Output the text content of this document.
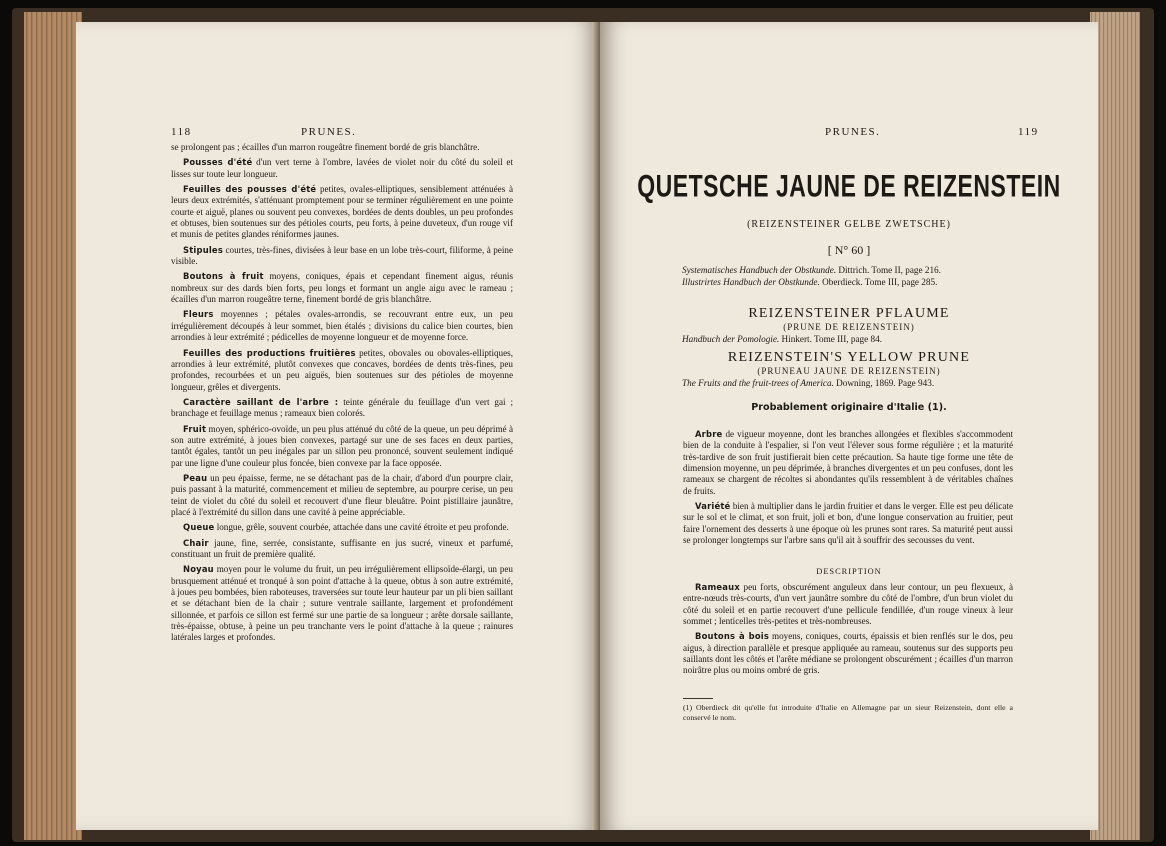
118	PRUNES.

se prolongent pas ; écailles d'un marron rougeâtre finement bordé de gris blanchâtre.

Pousses d'été d'un vert terne à l'ombre, lavées de violet noir du côté du soleil et lisses sur toute leur longueur.

Feuilles des pousses d'été petites, ovales-elliptiques, sensiblement atténuées à leurs deux extrémités, s'atténuant promptement pour se terminer régulièrement en une pointe courte et aiguë, planes ou souvent peu convexes, bordées de dents doubles, un peu profondes et obtuses, bien soutenues sur des pétioles courts, peu forts, à peine duveteux, d'un rouge vif et munis de petites glandes réniformes jaunes.

Stipules courtes, très-fines, divisées à leur base en un lobe très-court, filiforme, à peine visible.

Boutons à fruit moyens, coniques, épais et cependant finement aigus, réunis nombreux sur des dards bien forts, peu longs et formant un angle aigu avec le rameau ; écailles d'un marron rougeâtre terne, finement bordé de gris blanchâtre.

Fleurs moyennes ; pétales ovales-arrondis, se recouvrant entre eux, un peu irrégulièrement découpés à leur sommet, bien étalés ; divisions du calice bien courtes, bien arrondies à leur extrémité ; pédicelles de moyenne longueur et de moyenne force.

Feuilles des productions fruitières petites, obovales ou obovales-elliptiques, arrondies à leur extrémité, plutôt convexes que concaves, bordées de dents très-fines, peu profondes, recourbées et un peu aiguës, bien soutenues sur des pétioles de moyenne longueur, grêles et divergents.

Caractère saillant de l'arbre : teinte générale du feuillage d'un vert gai ; branchage et feuillage menus ; rameaux bien colorés.

Fruit moyen, sphérico-ovoïde, un peu plus atténué du côté de la queue, un peu déprimé à son autre extrémité, à joues bien convexes, partagé sur une de ses faces en deux parties, tantôt égales, tantôt un peu inégales par un sillon peu prononcé, souvent seulement indiqué par une ligne d'une couleur plus foncée, bien convexe par la face opposée.

Peau un peu épaisse, ferme, ne se détachant pas de la chair, d'abord d'un pourpre clair, puis passant à la maturité, commencement et milieu de septembre, au pourpre cerise, un peu teint de violet du côté du soleil et recouvert d'une fleur bleuâtre. Point pistillaire jaunâtre, placé à l'extrémité du sillon dans une cavité à peine appréciable.

Queue longue, grêle, souvent courbée, attachée dans une cavité étroite et peu profonde.

Chair jaune, fine, serrée, consistante, suffisante en jus sucré, vineux et parfumé, constituant un fruit de première qualité.

Noyau moyen pour le volume du fruit, un peu irrégulièrement ellipsoïde-élargi, un peu brusquement atténué et tronqué à son point d'attache à la queue, obtus à son autre extrémité, à joues peu bombées, bien raboteuses, traversées sur toute leur hauteur par un pli bien saillant et se détachant bien de la chair ; suture ventrale saillante, largement et profondément sillonnée, et parfois ce sillon est fermé sur une partie de sa longueur ; arête dorsale saillante, très-épaisse, obtuse, à peine un peu tranchante vers le point d'attache à la queue ; rainures latérales larges et profondes.

PRUNES.	119
QUETSCHE JAUNE DE REIZENSTEIN
(REIZENSTEINER GELBE ZWETSCHE)
[ N° 60 ]
Systematisches Handbuch der Obstkunde. Dittrich. Tome II, page 216.
Illustrirtes Handbuch der Obstkunde. Oberdieck. Tome III, page 285.
REIZENSTEINER PFLAUME
(PRUNE DE REIZENSTEIN)
Handbuch der Pomologie. Hinkert. Tome III, page 84.
REIZENSTEIN'S YELLOW PRUNE
(PRUNEAU JAUNE DE REIZENSTEIN)
The Fruits and the fruit-trees of America. Downing, 1869. Page 943.
Probablement originaire d'Italie (1).

Arbre de vigueur moyenne, dont les branches allongées et flexibles s'accommodent bien de la conduite à l'espalier, si l'on veut l'élever sous forme régulière ; et la maturité très-tardive de son fruit justifierait bien cette précaution. Sa haute tige forme une tête de dimension moyenne, un peu déprimée, à branches divergentes et un peu confuses, dont les rameaux se chargent de récoltes si abondantes qu'ils ressemblent à de véritables chaînes de fruits.

Variété bien à multiplier dans le jardin fruitier et dans le verger. Elle est peu délicate sur le sol et le climat, et son fruit, joli et bon, d'une longue conservation au fruitier, peut faire l'ornement des desserts à une époque où les prunes sont rares. Sa maturité peut aussi se prolonger longtemps sur l'arbre sans qu'il ait à souffrir des secousses du vent.

DESCRIPTION

Rameaux peu forts, obscurément anguleux dans leur contour, un peu flexueux, à entre-nœuds très-courts, d'un vert jaunâtre sombre du côté de l'ombre, d'un brun violet du côté du soleil et en partie recouvert d'une pellicule fendillée, d'un rouge vineux à leur sommet ; lenticelles très-petites et très-nombreuses.

Boutons à bois moyens, coniques, courts, épaissis et bien renflés sur le dos, peu aigus, à direction parallèle et presque appliquée au rameau, soutenus sur des supports peu saillants dont les côtés et l'arête médiane se prolongent obscurément ; écailles d'un marron noirâtre plus ou moins ombré de gris.

(1) Oberdieck dit qu'elle fut introduite d'Italie en Allemagne par un sieur Reizenstein, dont elle a conservé le nom.
